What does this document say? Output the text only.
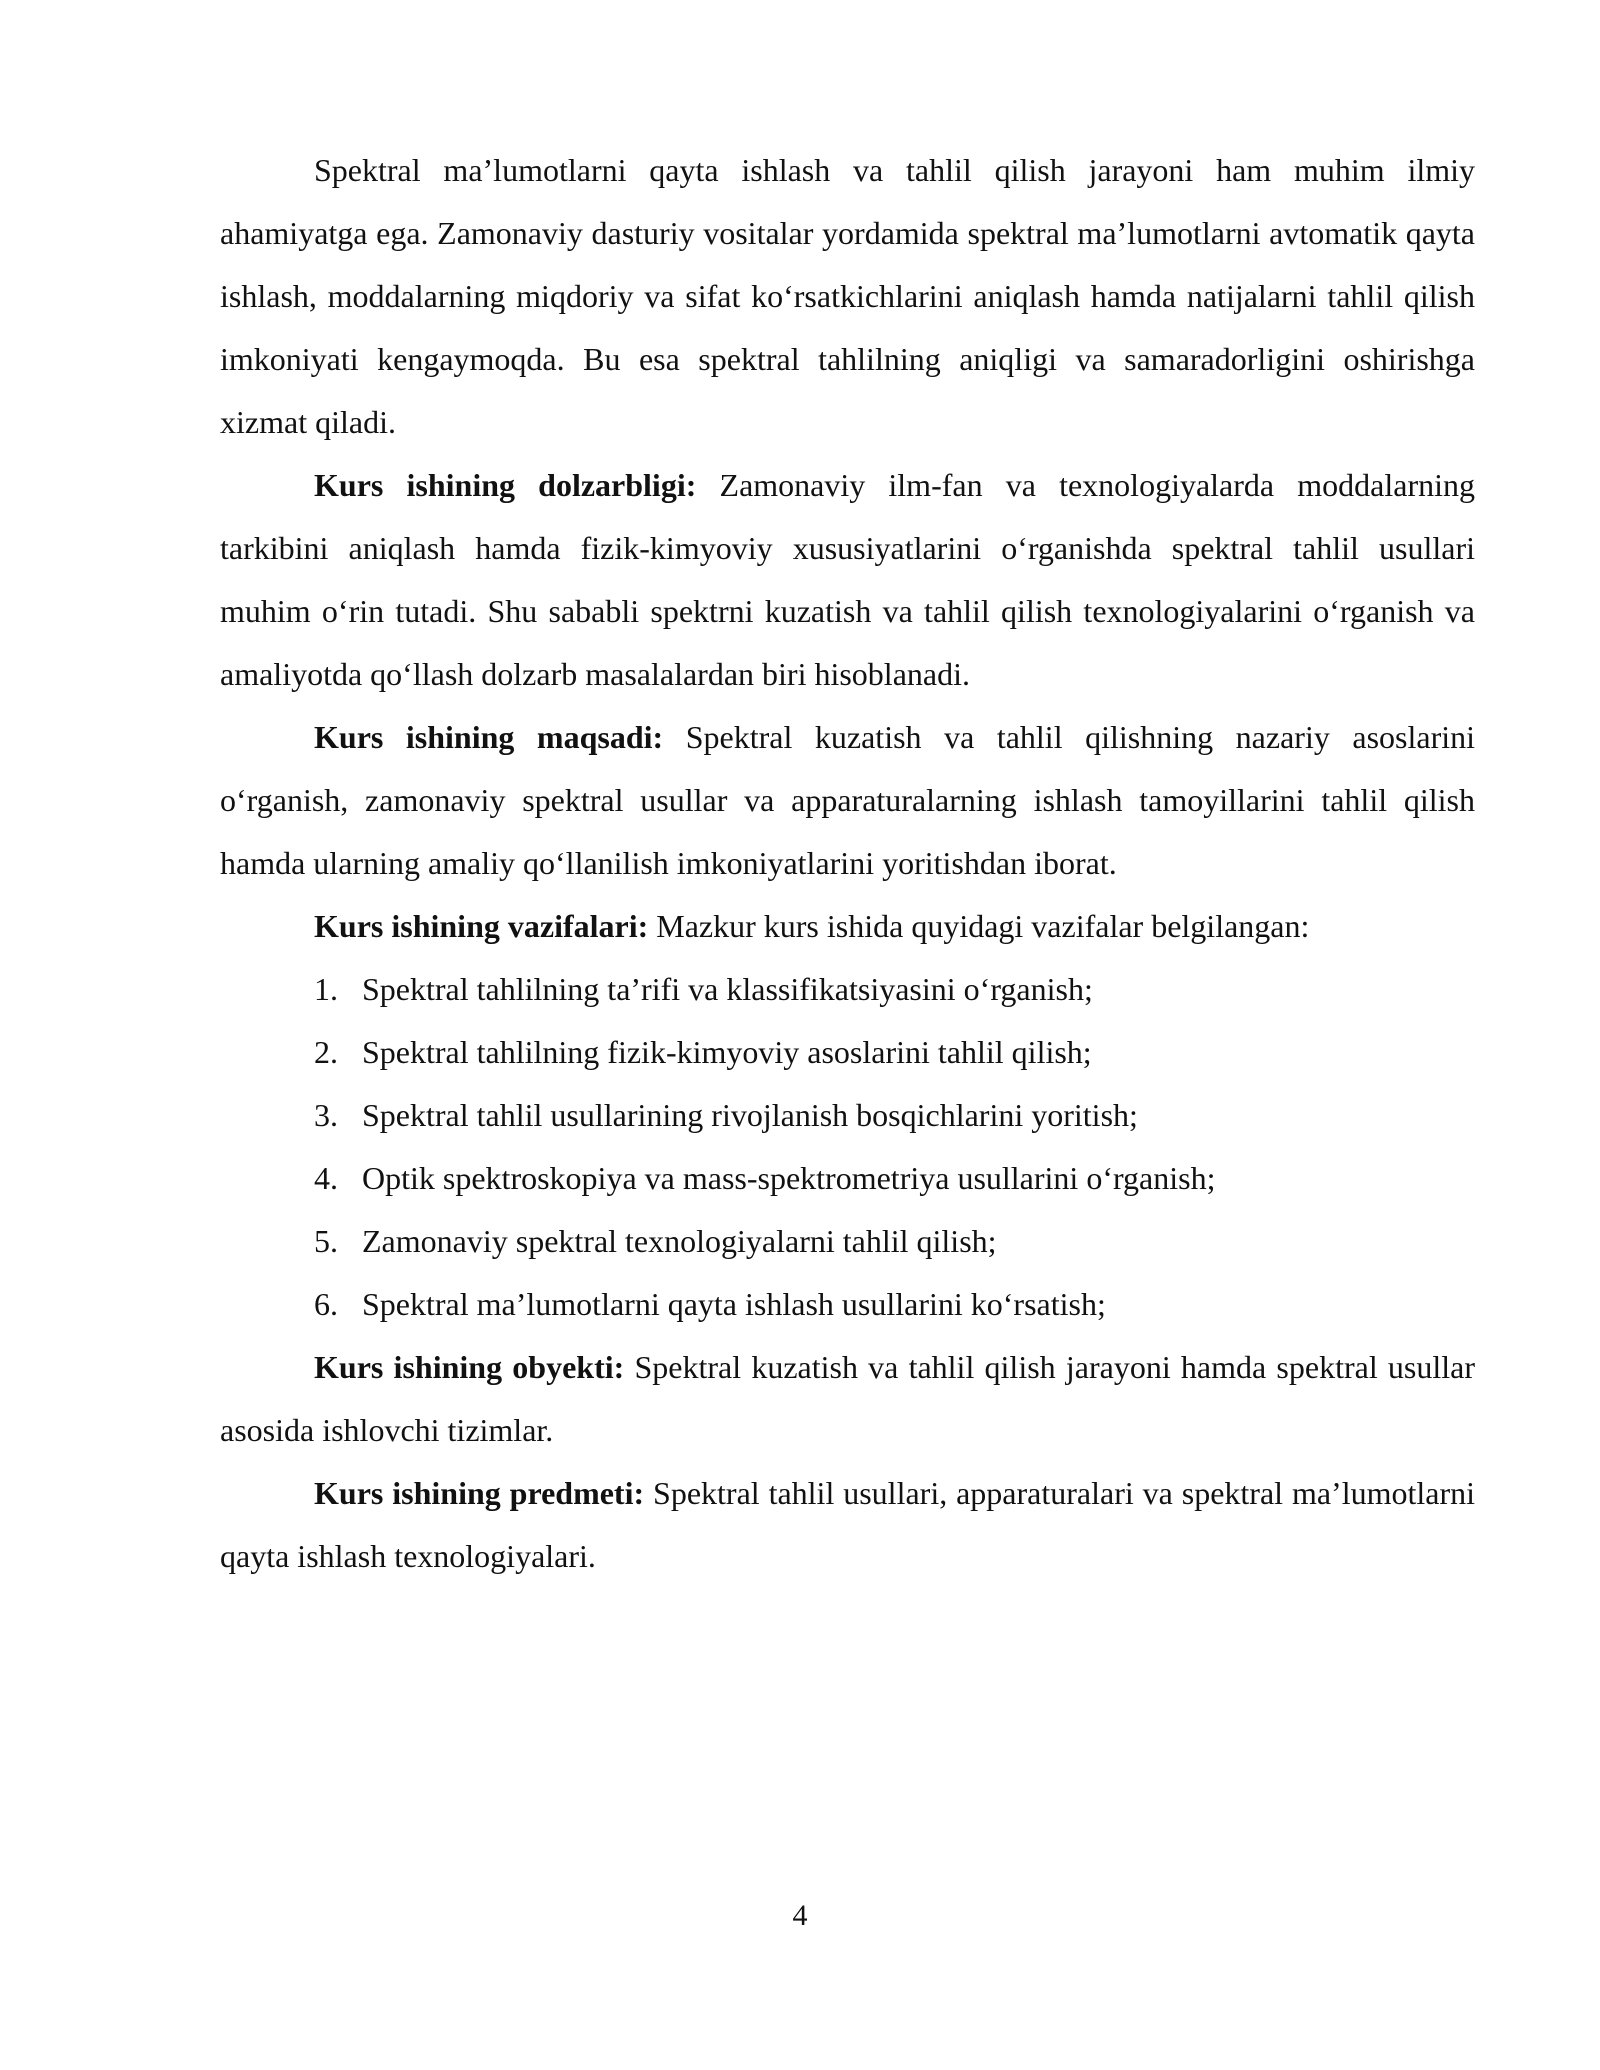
Spektral ma’lumotlarni qayta ishlash va tahlil qilish jarayoni ham muhim ilmiy ahamiyatga ega. Zamonaviy dasturiy vositalar yordamida spektral ma’lumotlarni avtomatik qayta ishlash, moddalarning miqdoriy va sifat ko‘rsatkichlarini aniqlash hamda natijalarni tahlil qilish imkoniyati kengaymoqda. Bu esa spektral tahlilning aniqligi va samaradorligini oshirishga xizmat qiladi.

Kurs ishining dolzarbligi: Zamonaviy ilm-fan va texnologiyalarda moddalarning tarkibini aniqlash hamda fizik-kimyoviy xususiyatlarini o‘rganishda spektral tahlil usullari muhim o‘rin tutadi. Shu sababli spektrni kuzatish va tahlil qilish texnologiyalarini o‘rganish va amaliyotda qo‘llash dolzarb masalalardan biri hisoblanadi.

Kurs ishining maqsadi: Spektral kuzatish va tahlil qilishning nazariy asoslarini o‘rganish, zamonaviy spektral usullar va apparaturalarning ishlash tamoyillarini tahlil qilish hamda ularning amaliy qo‘llanilish imkoniyatlarini yoritishdan iborat.

Kurs ishining vazifalari: Mazkur kurs ishida quyidagi vazifalar belgilangan:

1. Spektral tahlilning ta’rifi va klassifikatsiyasini o‘rganish;
2. Spektral tahlilning fizik-kimyoviy asoslarini tahlil qilish;
3. Spektral tahlil usullarining rivojlanish bosqichlarini yoritish;
4. Optik spektroskopiya va mass-spektrometriya usullarini o‘rganish;
5. Zamonaviy spektral texnologiyalarni tahlil qilish;
6. Spektral ma’lumotlarni qayta ishlash usullarini ko‘rsatish;

Kurs ishining obyekti: Spektral kuzatish va tahlil qilish jarayoni hamda spektral usullar asosida ishlovchi tizimlar.

Kurs ishining predmeti: Spektral tahlil usullari, apparaturalari va spektral ma’lumotlarni qayta ishlash texnologiyalari.

4
